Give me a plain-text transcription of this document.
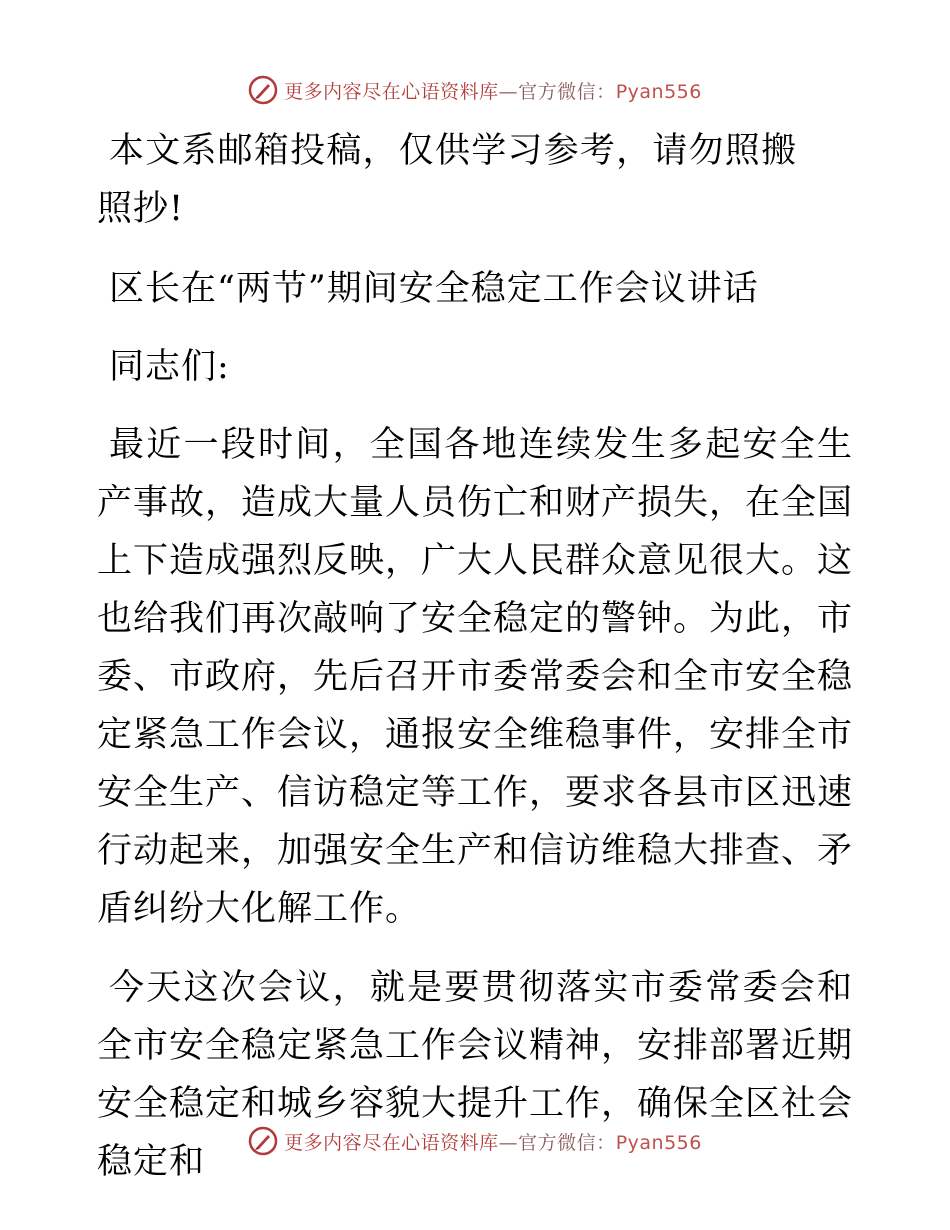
更多内容尽在心语资料库—官方微信：Pyan556

本文系邮箱投稿，仅供学习参考，请勿照搬照抄!

区长在“两节”期间安全稳定工作会议讲话

同志们:

最近一段时间，全国各地连续发生多起安全生产事故，造成大量人员伤亡和财产损失，在全国上下造成强烈反映，广大人民群众意见很大。这也给我们再次敲响了安全稳定的警钟。为此，市委、市政府，先后召开市委常委会和全市安全稳定紧急工作会议，通报安全维稳事件，安排全市安全生产、信访稳定等工作，要求各县市区迅速行动起来，加强安全生产和信访维稳大排查、矛盾纠纷大化解工作。

今天这次会议，就是要贯彻落实市委常委会和全市安全稳定紧急工作会议精神，安排部署近期安全稳定和城乡容貌大提升工作，确保全区社会稳定和	更多内容尽在心语资料库—官方微信：Pyan556
